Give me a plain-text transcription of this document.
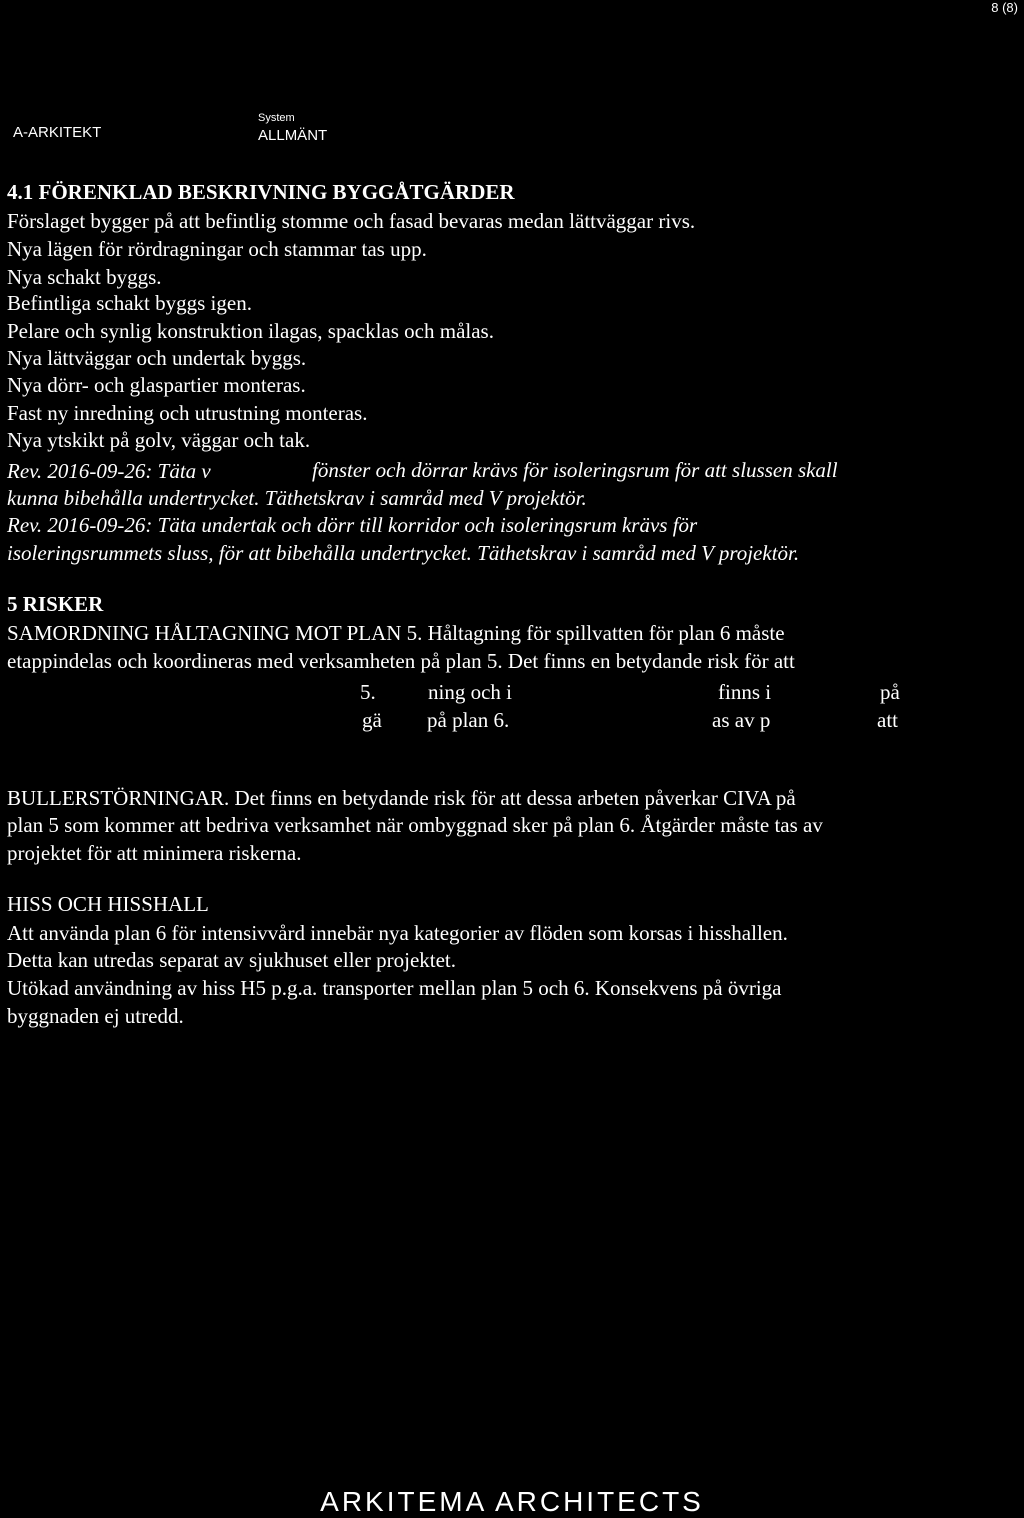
8 (8)
A-ARKITEKT
System
ALLMÄNT
4.1 FÖRENKLAD BESKRIVNING BYGGÅTGÄRDER
Förslaget bygger på att befintlig stomme och fasad bevaras medan lättväggar rivs.
Nya lägen för rördragningar och stammar tas upp.
Nya schakt byggs.
Befintliga schakt byggs igen.
Pelare och synlig konstruktion ilagas, spacklas och målas.
Nya lättväggar och undertak byggs.
Nya dörr- och glaspartier monteras.
Fast ny inredning och utrustning monteras.
Nya ytskikt på golv, väggar och tak.
Rev. 2016-09-26: Täta v	fönster och dörrar krävs för isoleringsrum för att slussen skall
kunna bibehålla undertrycket. Täthetskrav i samråd med V projektör.
Rev. 2016-09-26: Täta undertak och dörr till korridor och isoleringsrum krävs för
isoleringsrummets sluss, för att bibehålla undertrycket. Täthetskrav i samråd med V projektör.
5 RISKER
SAMORDNING HÅLTAGNING MOT PLAN 5. Håltagning för spillvatten för plan 6 måste
etappindelas och koordineras med verksamheten på plan 5. Det finns en betydande risk för att
5. ning och i	finns i	på
gä på plan 6.	as av p	att
BULLERSTÖRNINGAR. Det finns en betydande risk för att dessa arbeten påverkar CIVA på
plan 5 som kommer att bedriva verksamhet när ombyggnad sker på plan 6. Åtgärder måste tas av
projektet för att minimera riskerna.
HISS OCH HISSHALL
Att använda plan 6 för intensivvård innebär nya kategorier av flöden som korsas i hisshallen.
Detta kan utredas separat av sjukhuset eller projektet.
Utökad användning av hiss H5 p.g.a. transporter mellan plan 5 och 6. Konsekvens på övriga
byggnaden ej utredd.
ARKITEMA ARCHITECTS
